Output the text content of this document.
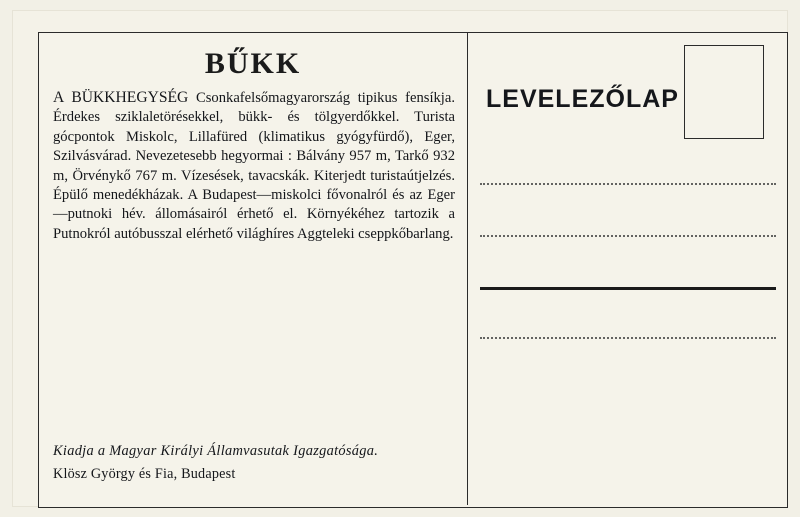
BŰKK
A BÜKKHEGYSÉG Csonkafelsőmagyarország tipikus fensíkja. Érdekes sziklaletörésekkel, bükk- és tölgyerdőkkel. Turista gócpontok Miskolc, Lillafüred (klimatikus gyógyfürdő), Eger, Szilvásvárad. Nevezetesebb hegyormai : Bálvány 957 m, Tarkő 932 m, Örvénykő 767 m. Vízesések, tavacskák. Kiterjedt turistaútjelzés. Épülő menedékházak. A Budapest—miskolci fővonalról és az Eger—putnoki hév. állomásairól érhető el. Környékéhez tartozik a Putnokról autóbusszal elérhető világhíres Aggteleki cseppkőbarlang.
Kiadja a Magyar Királyi Államvasutak Igazgatósága.
Klösz György és Fia, Budapest
LEVELEZŐLAP
